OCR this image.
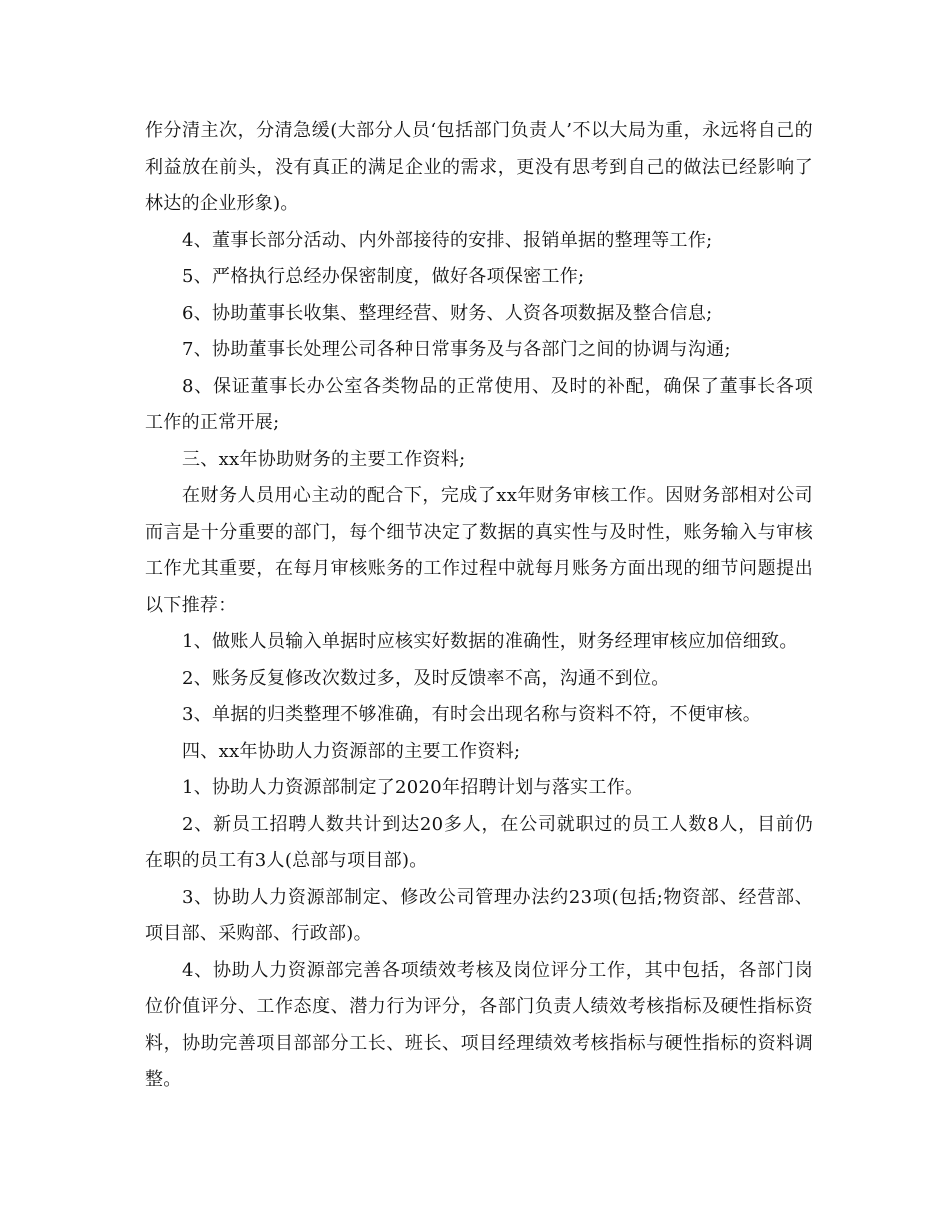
作分清主次，分清急缓(大部分人员‘包括部门负责人’不以大局为重，永远将自己的利益放在前头，没有真正的满足企业的需求，更没有思考到自己的做法已经影响了林达的企业形象)。

4、董事长部分活动、内外部接待的安排、报销单据的整理等工作;

5、严格执行总经办保密制度，做好各项保密工作;

6、协助董事长收集、整理经营、财务、人资各项数据及整合信息;

7、协助董事长处理公司各种日常事务及与各部门之间的协调与沟通;

8、保证董事长办公室各类物品的正常使用、及时的补配，确保了董事长各项工作的正常开展;

三、xx年协助财务的主要工作资料;

在财务人员用心主动的配合下，完成了xx年财务审核工作。因财务部相对公司而言是十分重要的部门，每个细节决定了数据的真实性与及时性，账务输入与审核工作尤其重要，在每月审核账务的工作过程中就每月账务方面出现的细节问题提出以下推荐：

1、做账人员输入单据时应核实好数据的准确性，财务经理审核应加倍细致。

2、账务反复修改次数过多，及时反馈率不高，沟通不到位。

3、单据的归类整理不够准确，有时会出现名称与资料不符，不便审核。

四、xx年协助人力资源部的主要工作资料;

1、协助人力资源部制定了2020年招聘计划与落实工作。

2、新员工招聘人数共计到达20多人，在公司就职过的员工人数8人，目前仍在职的员工有3人(总部与项目部)。

3、协助人力资源部制定、修改公司管理办法约23项(包括;物资部、经营部、项目部、采购部、行政部)。

4、协助人力资源部完善各项绩效考核及岗位评分工作，其中包括，各部门岗位价值评分、工作态度、潜力行为评分，各部门负责人绩效考核指标及硬性指标资料，协助完善项目部部分工长、班长、项目经理绩效考核指标与硬性指标的资料调整。
